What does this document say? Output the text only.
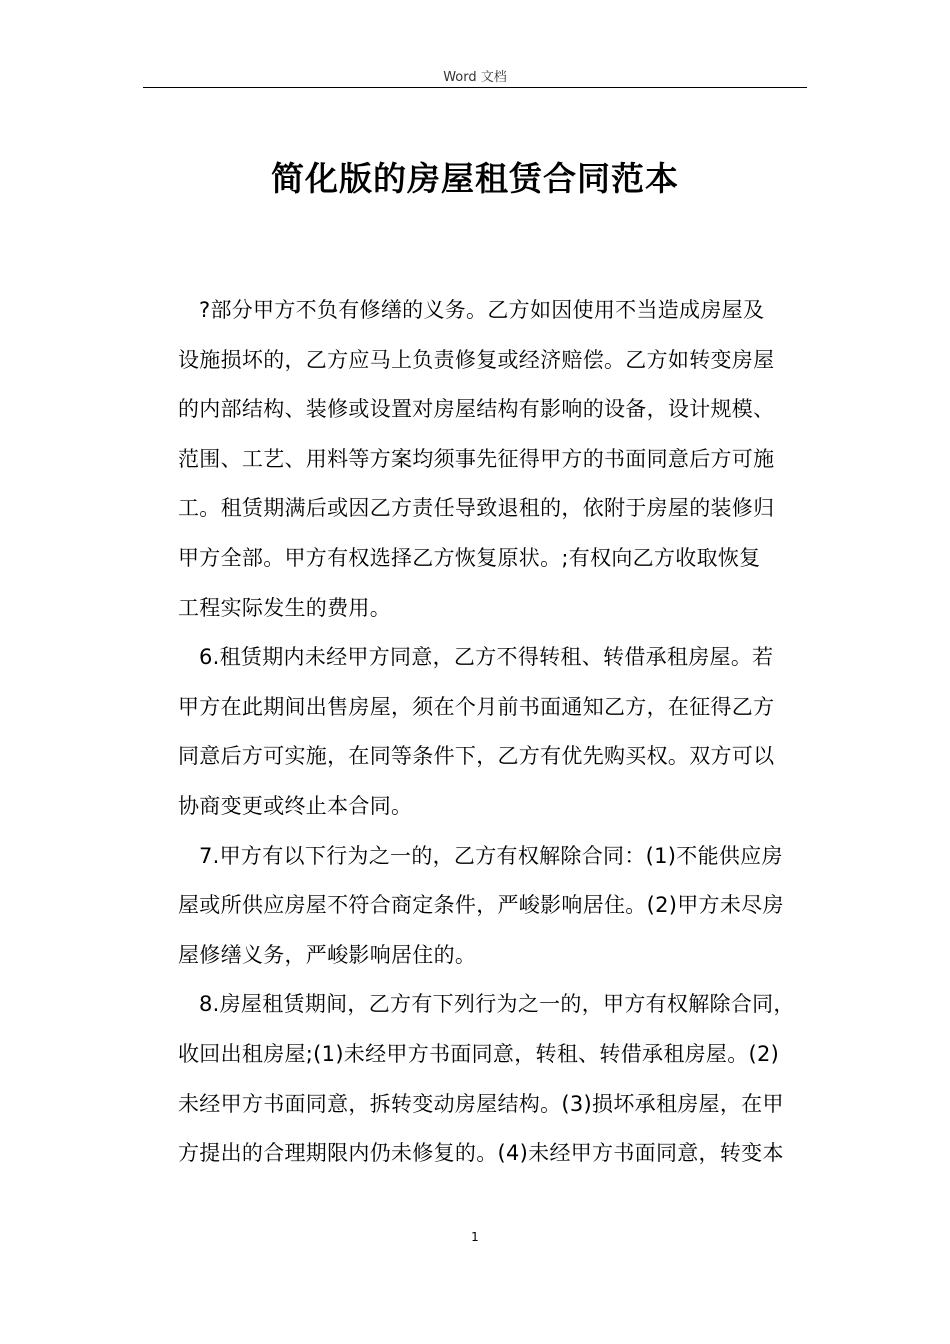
Word 文档
简化版的房屋租赁合同范本
?部分甲方不负有修缮的义务。乙方如因使用不当造成房屋及
设施损坏的，乙方应马上负责修复或经济赔偿。乙方如转变房屋
的内部结构、装修或设置对房屋结构有影响的设备，设计规模、
范围、工艺、用料等方案均须事先征得甲方的书面同意后方可施
工。租赁期满后或因乙方责任导致退租的，依附于房屋的装修归
甲方全部。甲方有权选择乙方恢复原状。;有权向乙方收取恢复
工程实际发生的费用。
6.租赁期内未经甲方同意，乙方不得转租、转借承租房屋。若
甲方在此期间出售房屋，须在个月前书面通知乙方，在征得乙方
同意后方可实施，在同等条件下，乙方有优先购买权。双方可以
协商变更或终止本合同。
7.甲方有以下行为之一的，乙方有权解除合同：(1)不能供应房
屋或所供应房屋不符合商定条件，严峻影响居住。(2)甲方未尽房
屋修缮义务，严峻影响居住的。
8.房屋租赁期间，乙方有下列行为之一的，甲方有权解除合同，
收回出租房屋;(1)未经甲方书面同意，转租、转借承租房屋。(2)
未经甲方书面同意，拆转变动房屋结构。(3)损坏承租房屋，在甲
方提出的合理期限内仍未修复的。(4)未经甲方书面同意，转变本
1
